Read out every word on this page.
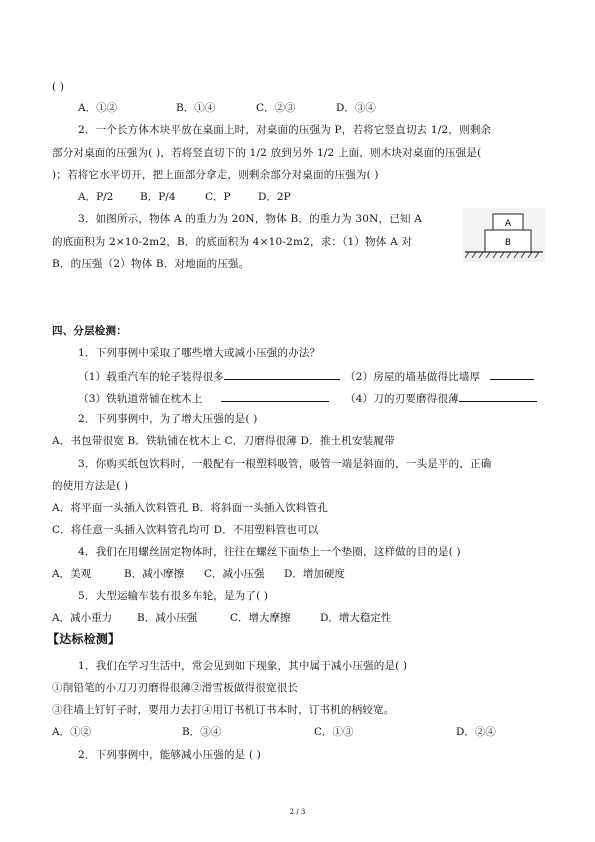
( )
A．①②	B．①④	C．②③	D．③④
2．一个长方体木块平放在桌面上时，对桌面的压强为 P，若将它竖直切去 1/2，则剩余
部分对桌面的压强为( )，若将竖直切下的 1/2 放到另外 1/2 上面，则木块对桌面的压强是(
)；若将它水平切开，把上面部分拿走，则剩余部分对桌面的压强为( )
A．P/2	B．P/4	C．P	D．2P
3．如图所示，物体 A 的重力为 20N，物体 B．的重力为 30N，已知 A
的底面积为 2×10-2m2，B．的底面积为 4×10-2m2，求：（1）物体 A 对
B．的压强（2）物体 B．对地面的压强。
A
B
四、分层检测：
1．下列事例中采取了哪些增大或减小压强的办法？
（1）载重汽车的轮子装得很多	（2）房屋的墙基做得比墙厚
（3）铁轨道常铺在枕木上	（4）刀的刃要磨得很薄
2．下列事例中，为了增大压强的是( )
A．书包带很宽 B．铁轨铺在枕木上 C．刀磨得很薄 D．推土机安装履带
3．你购买纸包饮料时，一般配有一根塑料吸管，吸管一端是斜面的，一头是平的，正确
的使用方法是( )
A．将平面一头插入饮料管孔 B．将斜面一头插入饮料管孔
C．将任意一头插入饮料管孔均可 D．不用塑料管也可以
4．我们在用螺丝固定物体时，往往在螺丝下面垫上一个垫圈，这样做的目的是( )
A．美观	B．减小摩擦 C．减小压强 D．增加硬度
5．大型运输车装有很多车轮，是为了( )
A．减小重力 B．减小压强	C．增大摩擦	D．增大稳定性
【达标检测】
1．我们在学习生活中，常会见到如下现象，其中属于减小压强的是( )
①削铅笔的小刀刀刃磨得很薄②滑雪板做得很宽很长
③往墙上钉钉子时，要用力去打④用订书机订书本时，订书机的柄较宽。
A．①②	B．③④	C．①③	D．②④
2．下列事例中，能够减小压强的是 ( )
2 / 3
